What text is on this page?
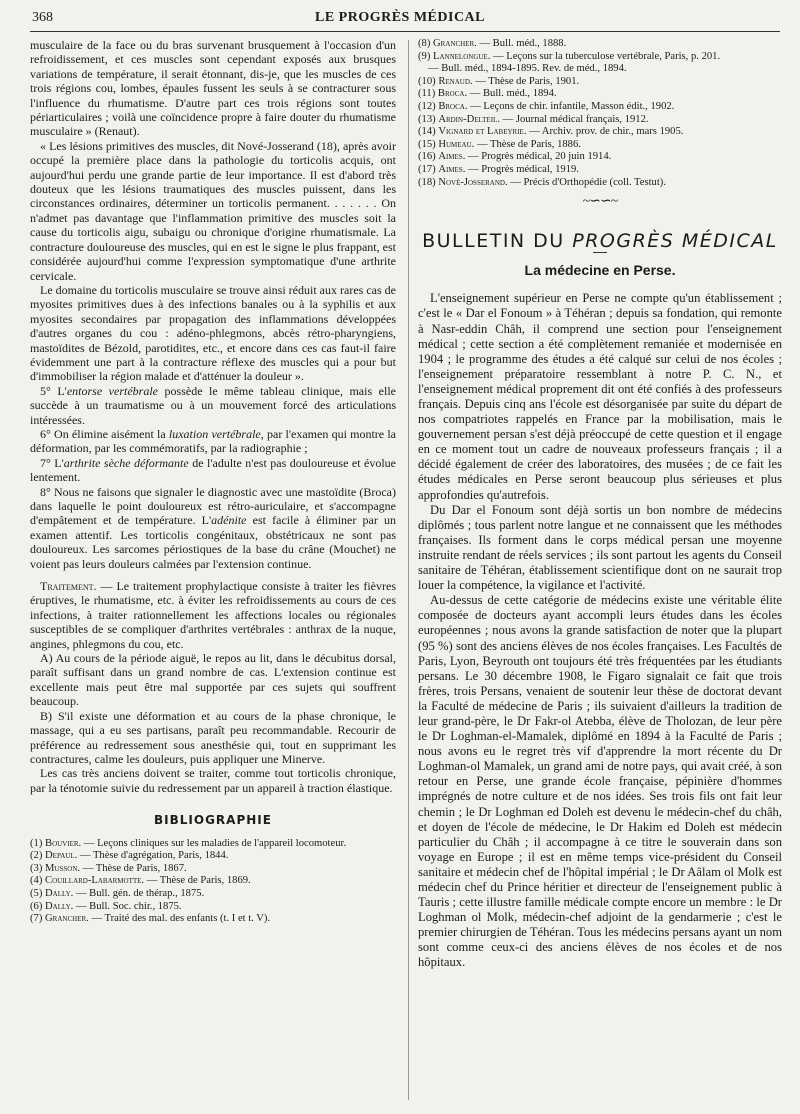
368	LE PROGRÈS MÉDICAL

musculaire de la face ou du bras survenant brusquement à l'occasion d'un refroidissement, et ces muscles sont cependant exposés aux brusques variations de température, il serait étonnant, dis-je, que les muscles de ces trois régions cou, lombes, épaules fussent les seuls à se contracturer sous l'influence du rhumatisme. D'autre part ces trois régions sont toutes périarticulaires ; voilà une coïncidence propre à faire douter du rhumatisme musculaire » (Renaut).

« Les lésions primitives des muscles, dit Nové-Josserand (18), après avoir occupé la première place dans la pathologie du torticolis acquis, ont aujourd'hui perdu une grande partie de leur importance. Il est d'abord très douteux que les lésions traumatiques des muscles puissent, dans les circonstances ordinaires, déterminer un torticolis permanent. . . . . . . On n'admet pas davantage que l'inflammation primitive des muscles soit la cause du torticolis aigu, subaigu ou chronique d'origine rhumatismale. La contracture douloureuse des muscles, qui en est le signe le plus frappant, est considérée aujourd'hui comme l'expression symptomatique d'une arthrite cervicale.

Le domaine du torticolis musculaire se trouve ainsi réduit aux rares cas de myosites primitives dues à des infections banales ou à la syphilis et aux myosites secondaires par propagation des inflammations développées d'autres organes du cou : adéno-phlegmons, abcès rétro-pharyngiens, mastoïdites de Bézold, parotidites, etc., et encore dans ces cas faut-il faire évidemment une part à la contracture réflexe des muscles qui a pour but d'immobiliser la région malade et d'atténuer la douleur ».

5° L'entorse vertébrale possède le même tableau clinique, mais elle succède à un traumatisme ou à un mouvement forcé des articulations intéressées.

6° On élimine aisément la luxation vertébrale, par l'examen qui montre la déformation, par les commémoratifs, par la radiographie ;

7° L'arthrite sèche déformante de l'adulte n'est pas douloureuse et évolue lentement.

8° Nous ne faisons que signaler le diagnostic avec une mastoïdite (Broca) dans laquelle le point douloureux est rétro-auriculaire, et s'accompagne d'empâtement et de température. L'adénite est facile à éliminer par un examen attentif. Les torticolis congénitaux, obstétricaux ne sont pas douloureux. Les sarcomes périostiques de la base du crâne (Mouchet) ne voient pas leurs douleurs calmées par l'extension continue.

Traitement. — Le traitement prophylactique consiste à traiter les fièvres éruptives, le rhumatisme, etc. à éviter les refroidissements au cours de ces infections, à traiter rationnellement les affections locales ou régionales susceptibles de se compliquer d'arthrites vertébrales : anthrax de la nuque, angines, phlegmons du cou, etc.

A) Au cours de la période aiguë, le repos au lit, dans le décubitus dorsal, paraît suffisant dans un grand nombre de cas. L'extension continue est excellente mais peut être mal supportée par ces sujets qui souffrent beaucoup.

B) S'il existe une déformation et au cours de la phase chronique, le massage, qui a eu ses partisans, paraît peu recommandable. Recourir de préférence au redressement sous anesthésie qui, tout en supprimant les contractures, calme les douleurs, puis appliquer une Minerve.

Les cas très anciens doivent se traiter, comme tout torticolis chronique, par la ténotomie suivie du redressement par un appareil à traction élastique.

BIBLIOGRAPHIE
(1) Bouvier. — Leçons cliniques sur les maladies de l'appareil locomoteur.
(2) Depaul. — Thèse d'agrégation, Paris, 1844.
(3) Musson. — Thèse de Paris, 1867.
(4) Couillard-Labarmotte. — Thèse de Paris, 1869.
(5) Dally. — Bull. gén. de thérap., 1875.
(6) Dally. — Bull. Soc. chir., 1875.
(7) Grancher. — Traité des mal. des enfants (t. I et t. V).
(8) Grancher. — Bull. méd., 1888.
(9) Lannelongue. — Leçons sur la tuberculose vertébrale, Paris, p. 201.
— Bull. méd., 1894-1895. Rev. de méd., 1894.
(10) Renaud. — Thèse de Paris, 1901.
(11) Broca. — Bull. méd., 1894.
(12) Broca. — Leçons de chir. infantile, Masson édit., 1902.
(13) Ardin-Delteil. — Journal médical français, 1912.
(14) Vignard et Labeyrie. — Archiv. prov. de chir., mars 1905.
(15) Humeau. — Thèse de Paris, 1886.
(16) Aimes. — Progrès médical, 20 juin 1914.
(17) Aimes. — Progrès médical, 1919.
(18) Nové-Josserand. — Précis d'Orthopédie (coll. Testut).
~∽∽~
BULLETIN DU PROGRÈS MÉDICAL
La médecine en Perse.

L'enseignement supérieur en Perse ne compte qu'un établissement ; c'est le « Dar el Fonoum » à Téhéran ; depuis sa fondation, qui remonte à Nasr-eddin Châh, il comprend une section pour l'enseignement médical ; cette section a été complètement remaniée et modernisée en 1904 ; le programme des études a été calqué sur celui de nos écoles ; l'enseignement préparatoire ressemblant à notre P. C. N., et l'enseignement médical proprement dit ont été confiés à des professeurs français. Depuis cinq ans l'école est désorganisée par suite du départ de nos compatriotes rappelés en France par la mobilisation, mais le gouvernement persan s'est déjà préoccupé de cette question et il engage en ce moment tout un cadre de nouveaux professeurs français ; il a décidé également de créer des laboratoires, des musées ; de ce fait les études médicales en Perse seront beaucoup plus sérieuses et plus approfondies qu'autrefois.

Du Dar el Fonoum sont déjà sortis un bon nombre de médecins diplômés ; tous parlent notre langue et ne connaissent que les méthodes françaises. Ils forment dans le corps médical persan une moyenne instruite rendant de réels services ; ils sont partout les agents du Conseil sanitaire de Téhéran, établissement scientifique dont on ne saurait trop louer la compétence, la vigilance et l'activité.

Au-dessus de cette catégorie de médecins existe une véritable élite composée de docteurs ayant accompli leurs études dans les écoles européennes ; nous avons la grande satisfaction de noter que la plupart (95 %) sont des anciens élèves de nos écoles françaises. Les Facultés de Paris, Lyon, Beyrouth ont toujours été très fréquentées par les étudiants persans. Le 30 décembre 1908, le Figaro signalait ce fait que trois frères, trois Persans, venaient de soutenir leur thèse de doctorat devant la Faculté de médecine de Paris ; ils suivaient d'ailleurs la tradition de leur grand-père, le Dr Fakr-ol Atebba, élève de Tholozan, de leur père le Dr Loghman-el-Mamalek, diplômé en 1894 à la Faculté de Paris ; nous avons eu le regret très vif d'apprendre la mort récente du Dr Loghman-ol Mamalek, un grand ami de notre pays, qui avait créé, à son retour en Perse, une grande école française, pépinière d'hommes imprégnés de notre culture et de nos idées. Ses trois fils ont fait leur chemin ; le Dr Loghman ed Doleh est devenu le médecin-chef du châh, et doyen de l'école de médecine, le Dr Hakim ed Doleh est médecin particulier du Châh ; il accompagne à ce titre le souverain dans son voyage en Europe ; il est en même temps vice-président du Conseil sanitaire et médecin chef de l'hôpital impérial ; le Dr Aâlam ol Molk est médecin chef du Prince héritier et directeur de l'enseignement public à Tauris ; cette illustre famille médicale compte encore un membre : le Dr Loghman ol Molk, médecin-chef adjoint de la gendarmerie ; c'est le premier chirurgien de Téhéran. Tous les médecins persans ayant un nom sont comme ceux-ci des anciens élèves de nos écoles et de nos hôpitaux.
